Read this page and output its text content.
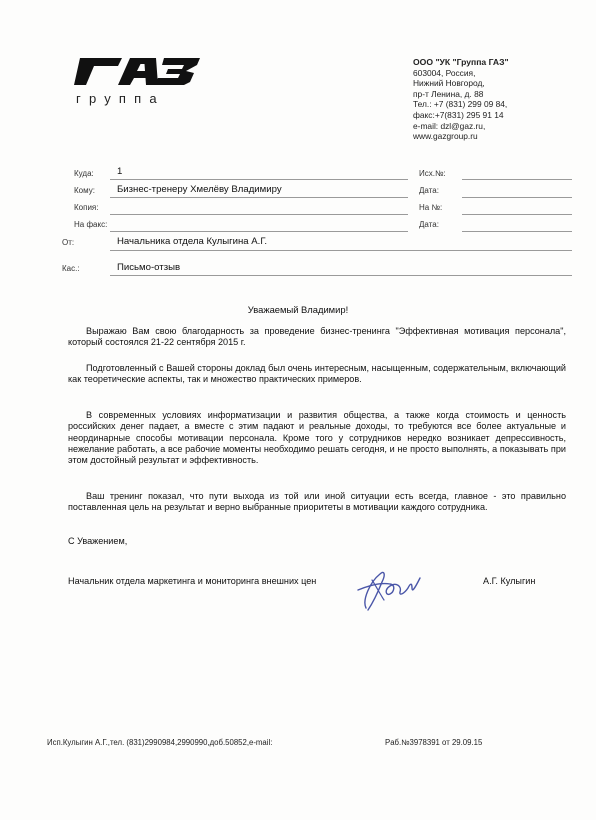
группа
ООО "УК "Группа ГАЗ"
603004, Россия,
Нижний Новгород,
пр-т Ленина, д. 88
Тел.: +7 (831) 299 09 84,
факс:+7(831) 295 91 14
e-mail: dzl@gaz.ru,
www.gazgroup.ru
Куда: 1
Кому: Бизнес-тренеру Хмелёву Владимиру
Копия:
На факс:
Исх.№:
Дата:
На №:
Дата:
От:	Начальника отдела Кулыгина А.Г.
Кас.:	Письмо-отзыв
Уважаемый Владимир!
Выражаю Вам свою благодарность за проведение бизнес-тренинга "Эффективная мотивация персонала", который состоялся 21-22 сентября 2015 г.
Подготовленный с Вашей стороны доклад был очень интересным, насыщенным, содержательным, включающий как теоретические аспекты, так и множество практических примеров.
В современных условиях информатизации и развития общества, а также когда стоимость и ценность российских денег падает, а вместе с этим падают и реальные доходы, то требуются все более актуальные и неординарные способы мотивации персонала. Кроме того у сотрудников нередко возникает депрессивность, нежелание работать, а все рабочие моменты необходимо решать сегодня, и не просто выполнять, а показывать при этом достойный результат и эффективность.
Ваш тренинг показал, что пути выхода из той или иной ситуации есть всегда, главное - это правильно поставленная цель на результат и верно выбранные приоритеты в мотивации каждого сотрудника.
С Уважением,
Начальник отдела маркетинга и мониторинга внешних цен	А.Г. Кулыгин
Исп.Кулыгин А.Г.,тел. (831)2990984,2990990,доб.50852,e-mail:	Рaб.№3978391 от 29.09.15
